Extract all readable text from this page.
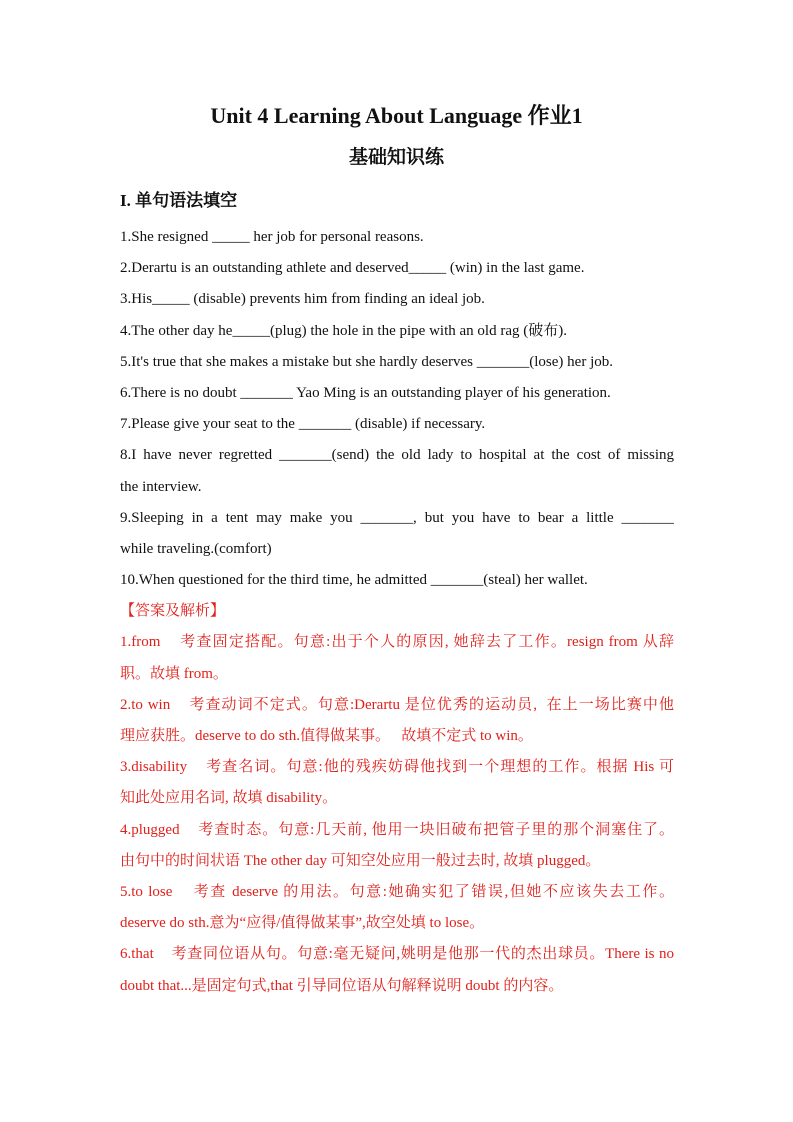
Unit 4 Learning About Language 作业1
基础知识练
I. 单句语法填空
1.She resigned _____ her job for personal reasons.
2.Derartu is an outstanding athlete and deserved_____ (win) in the last game.
3.His_____ (disable) prevents him from finding an ideal job.
4.The other day he_____(plug) the hole in the pipe with an old rag (破布).
5.It's true that she makes a mistake but she hardly deserves _______(lose) her job.
6.There is no doubt _______ Yao Ming is an outstanding player of his generation.
7.Please give your seat to the _______ (disable) if necessary.
8.I have never regretted _______(send) the old lady to hospital at the cost of missing
the interview.
9.Sleeping in a tent may make you _______, but you have to bear a little _______
while traveling.(comfort)
10.When questioned for the third time, he admitted _______(steal) her wallet.
【答案及解析】
1.from    考查固定搭配。句意:出于个人的原因, 她辞去了工作。resign from 从辞
职。故填 from。
2.to win    考查动词不定式。句意:Derartu 是位优秀的运动员,  在上一场比赛中他
理应获胜。deserve to do sth.值得做某事。   故填不定式 to win。
3.disability    考查名词。句意:他的残疾妨碍他找到一个理想的工作。根据 His 可
知此处应用名词, 故填 disability。
4.plugged    考查时态。句意:几天前, 他用一块旧破布把管子里的那个洞塞住了。
由句中的时间状语 The other day 可知空处应用一般过去时, 故填 plugged。
5.to lose    考查 deserve 的用法。句意:她确实犯了错误,但她不应该失去工作。
deserve do sth.意为“应得/值得做某事”,故空处填 to lose。
6.that    考查同位语从句。句意:毫无疑问,姚明是他那一代的杰出球员。There is no
doubt that...是固定句式,that 引导同位语从句解释说明 doubt 的内容。
